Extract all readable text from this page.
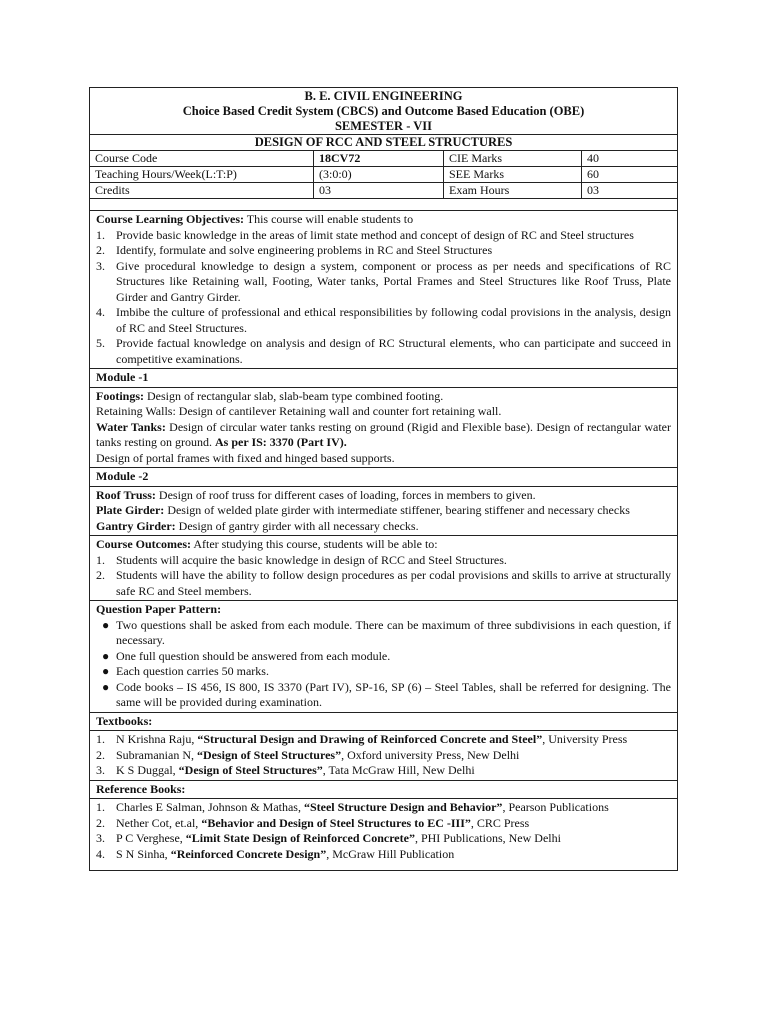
B. E. CIVIL ENGINEERING
Choice Based Credit System (CBCS) and Outcome Based Education (OBE)
SEMESTER - VII
DESIGN OF RCC AND STEEL STRUCTURES
Course Code	18CV72	CIE Marks	40
Teaching Hours/Week(L:T:P)	(3:0:0)	SEE Marks	60
Credits	03	Exam Hours	03

Course Learning Objectives: This course will enable students to

1. Provide basic knowledge in the areas of limit state method and concept of design of RC and Steel structures
2. Identify, formulate and solve engineering problems in RC and Steel Structures
3. Give procedural knowledge to design a system, component or process as per needs and specifications of RC Structures like Retaining wall, Footing, Water tanks, Portal Frames and Steel Structures like Roof Truss, Plate Girder and Gantry Girder.
4. Imbibe the culture of professional and ethical responsibilities by following codal provisions in the analysis, design of RC and Steel Structures.
5. Provide factual knowledge on analysis and design of RC Structural elements, who can participate and succeed in competitive examinations.
Module -1

Footings: Design of rectangular slab, slab-beam type combined footing.

Retaining Walls: Design of cantilever Retaining wall and counter fort retaining wall.

Water Tanks: Design of circular water tanks resting on ground (Rigid and Flexible base). Design of rectangular water tanks resting on ground. As per IS: 3370 (Part IV).

Design of portal frames with fixed and hinged based supports.

Module -2

Roof Truss: Design of roof truss for different cases of loading, forces in members to given.

Plate Girder: Design of welded plate girder with intermediate stiffener, bearing stiffener and necessary checks

Gantry Girder: Design of gantry girder with all necessary checks.

Course Outcomes: After studying this course, students will be able to:

1. Students will acquire the basic knowledge in design of RCC and Steel Structures.
2. Students will have the ability to follow design procedures as per codal provisions and skills to arrive at structurally safe RC and Steel members.

Question Paper Pattern:

● Two questions shall be asked from each module. There can be maximum of three subdivisions in each question, if necessary.
● One full question should be answered from each module.
● Each question carries 50 marks.
● Code books – IS 456, IS 800, IS 3370 (Part IV), SP-16, SP (6) – Steel Tables, shall be referred for designing. The same will be provided during examination.
Textbooks:
1. N Krishna Raju, “Structural Design and Drawing of Reinforced Concrete and Steel”, University Press
2. Subramanian N, “Design of Steel Structures”, Oxford university Press, New Delhi
3. K S Duggal, “Design of Steel Structures”, Tata McGraw Hill, New Delhi
Reference Books:
1. Charles E Salman, Johnson & Mathas, “Steel Structure Design and Behavior”, Pearson Publications
2. Nether Cot, et.al, “Behavior and Design of Steel Structures to EC -III”, CRC Press
3. P C Verghese, “Limit State Design of Reinforced Concrete”, PHI Publications, New Delhi
4. S N Sinha, “Reinforced Concrete Design”, McGraw Hill Publication
